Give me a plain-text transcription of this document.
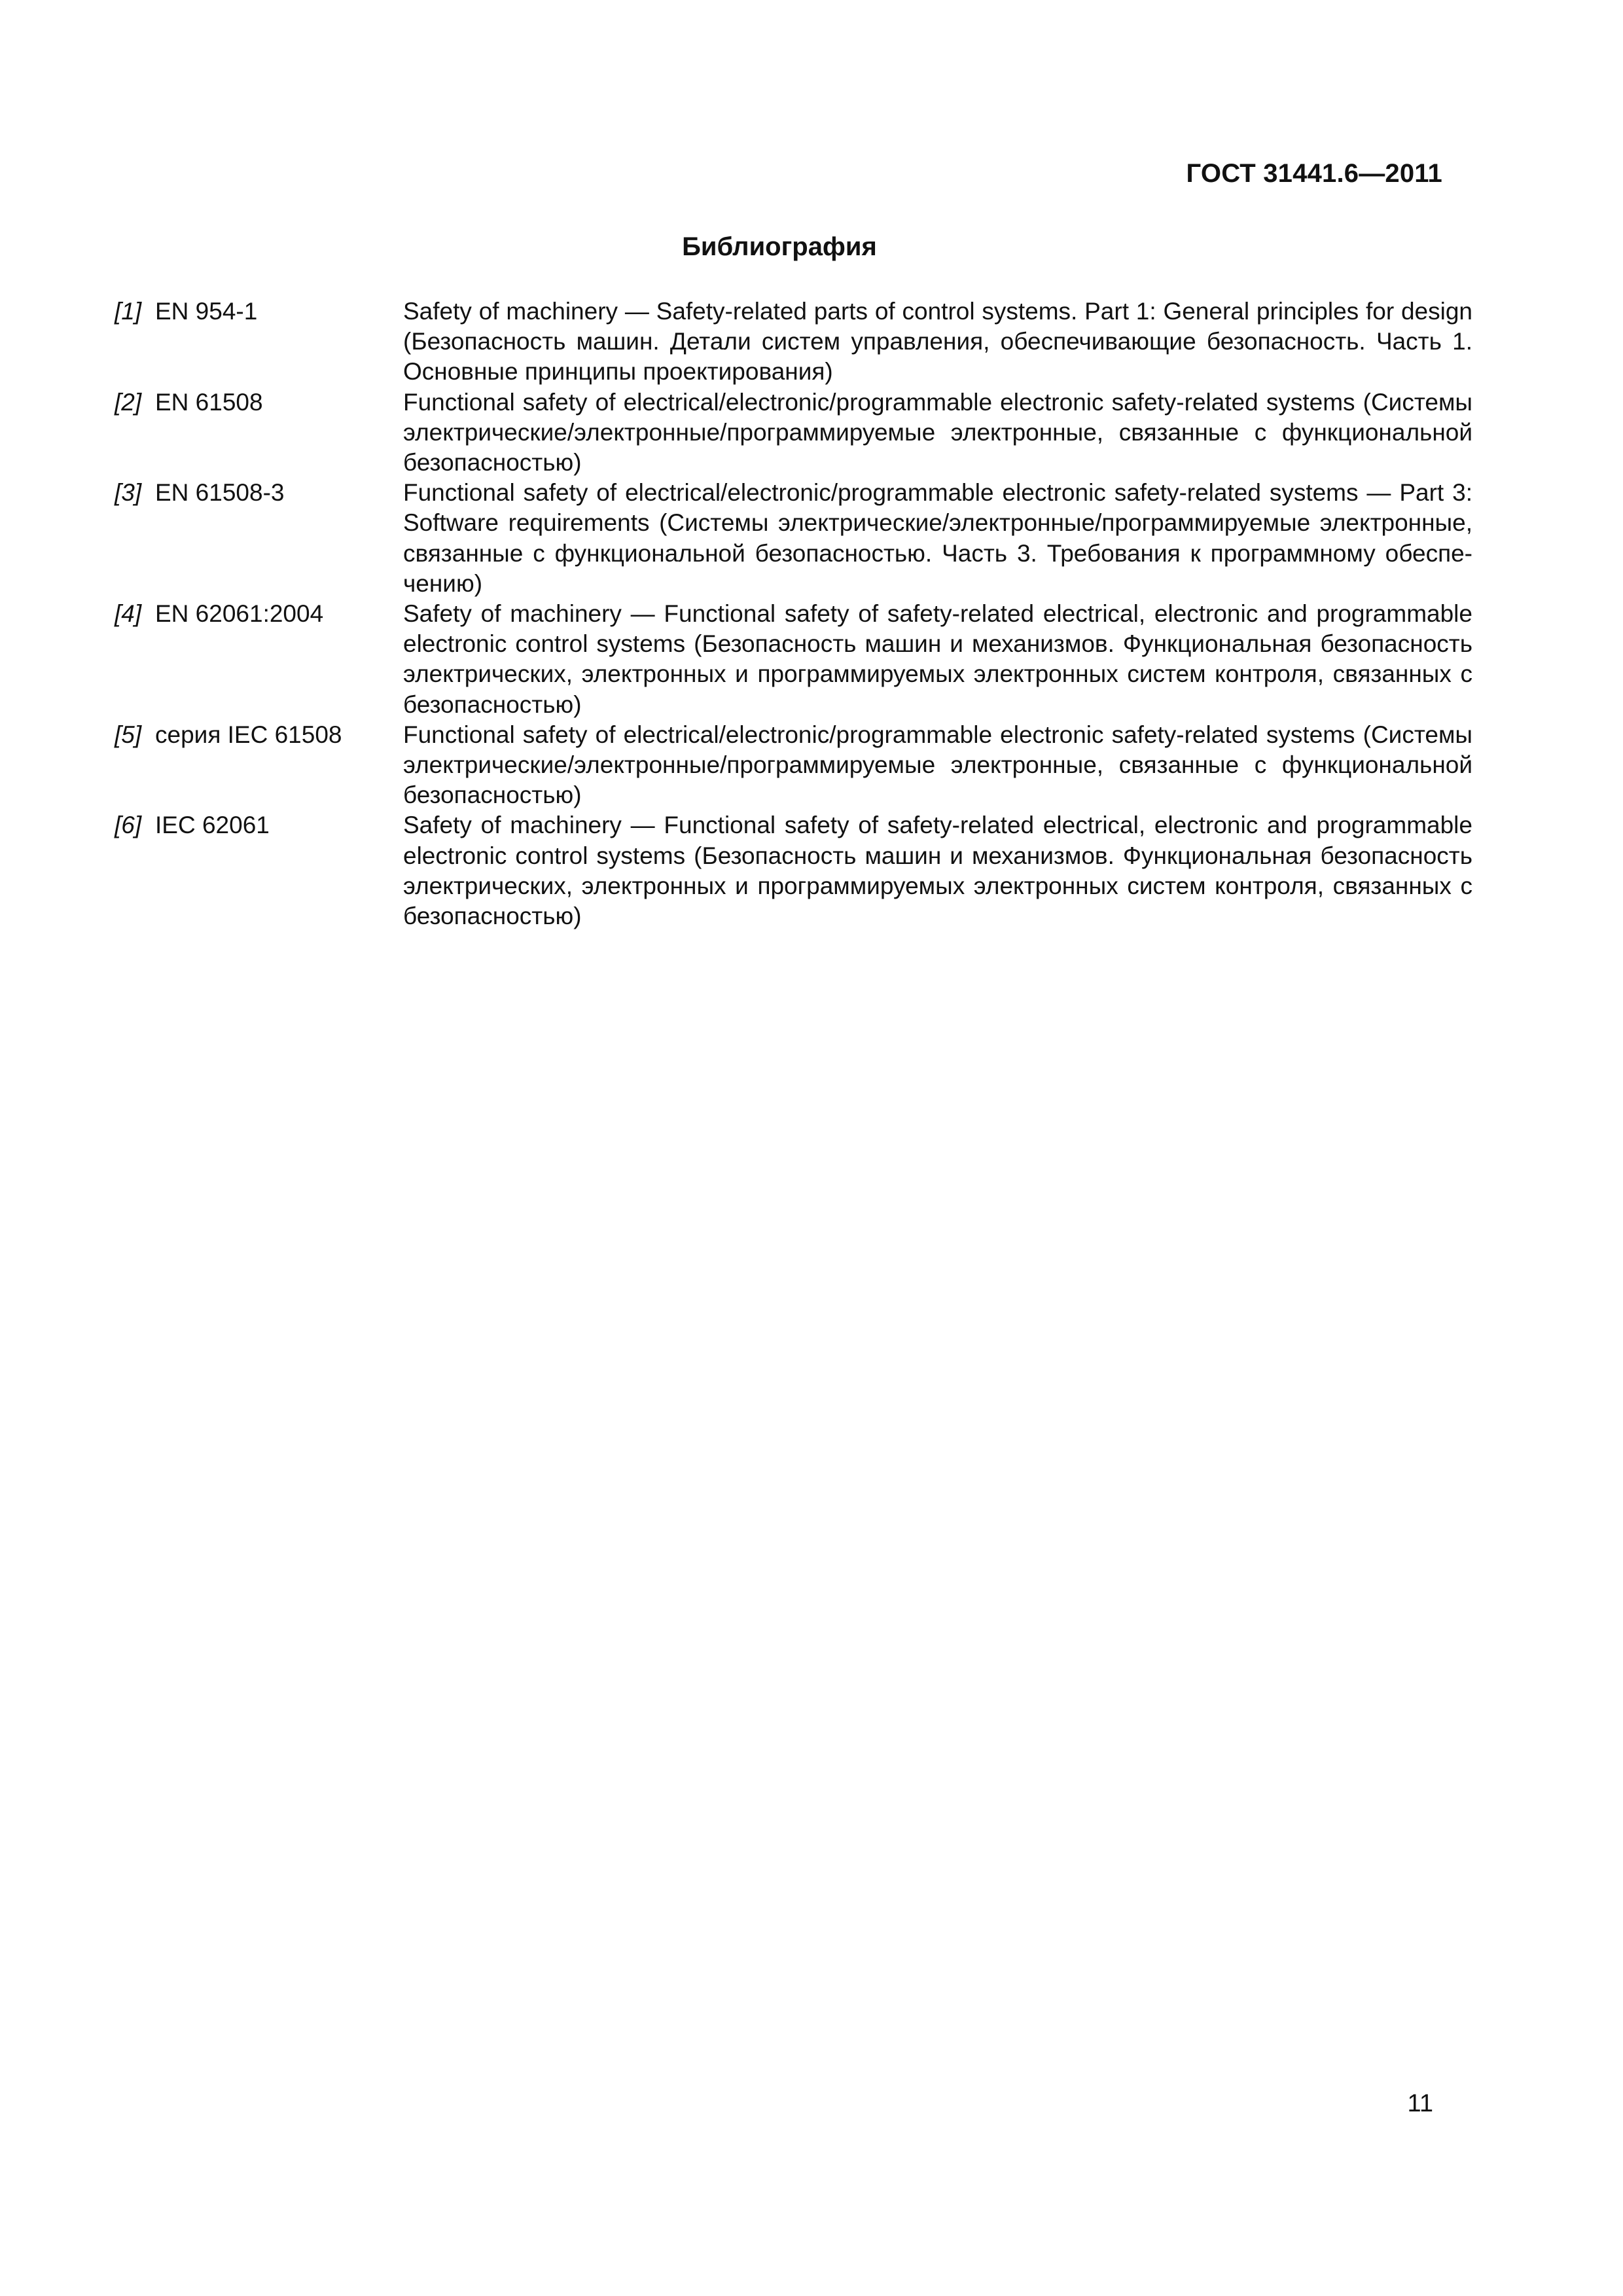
ГОСТ 31441.6—2011
Библиография
[1] EN 954-1	Safety of machinery — Safety-related parts of control systems. Part 1: General principles for design
(Безопасность машин. Детали систем управления, обеспечивающие безопасность. Часть 1.
Основные принципы проектирования)
[2] EN 61508	Functional safety of electrical/electronic/programmable electronic safety-related systems (Системы
электрические/электронные/программируемые электронные, связанные с функциональной
безопасностью)
[3] EN 61508-3	Functional safety of electrical/electronic/programmable electronic safety-related systems — Part 3:
Software requirements (Системы электрические/электронные/программируемые электронные,
связанные с функциональной безопасностью. Часть 3. Требования к программному обеспе-
чению)
[4] EN 62061:2004	Safety of machinery — Functional safety of safety-related electrical, electronic and programmable
electronic control systems (Безопасность машин и механизмов. Функциональная безопасность
электрических, электронных и программируемых электронных систем контроля, связанных с
безопасностью)
[5] серия IEC 61508	Functional safety of electrical/electronic/programmable electronic safety-related systems (Системы
электрические/электронные/программируемые электронные, связанные с функциональной
безопасностью)
[6] IEC 62061	Safety of machinery — Functional safety of safety-related electrical, electronic and programmable
electronic control systems (Безопасность машин и механизмов. Функциональная безопасность
электрических, электронных и программируемых электронных систем контроля, связанных с
безопасностью)
11
